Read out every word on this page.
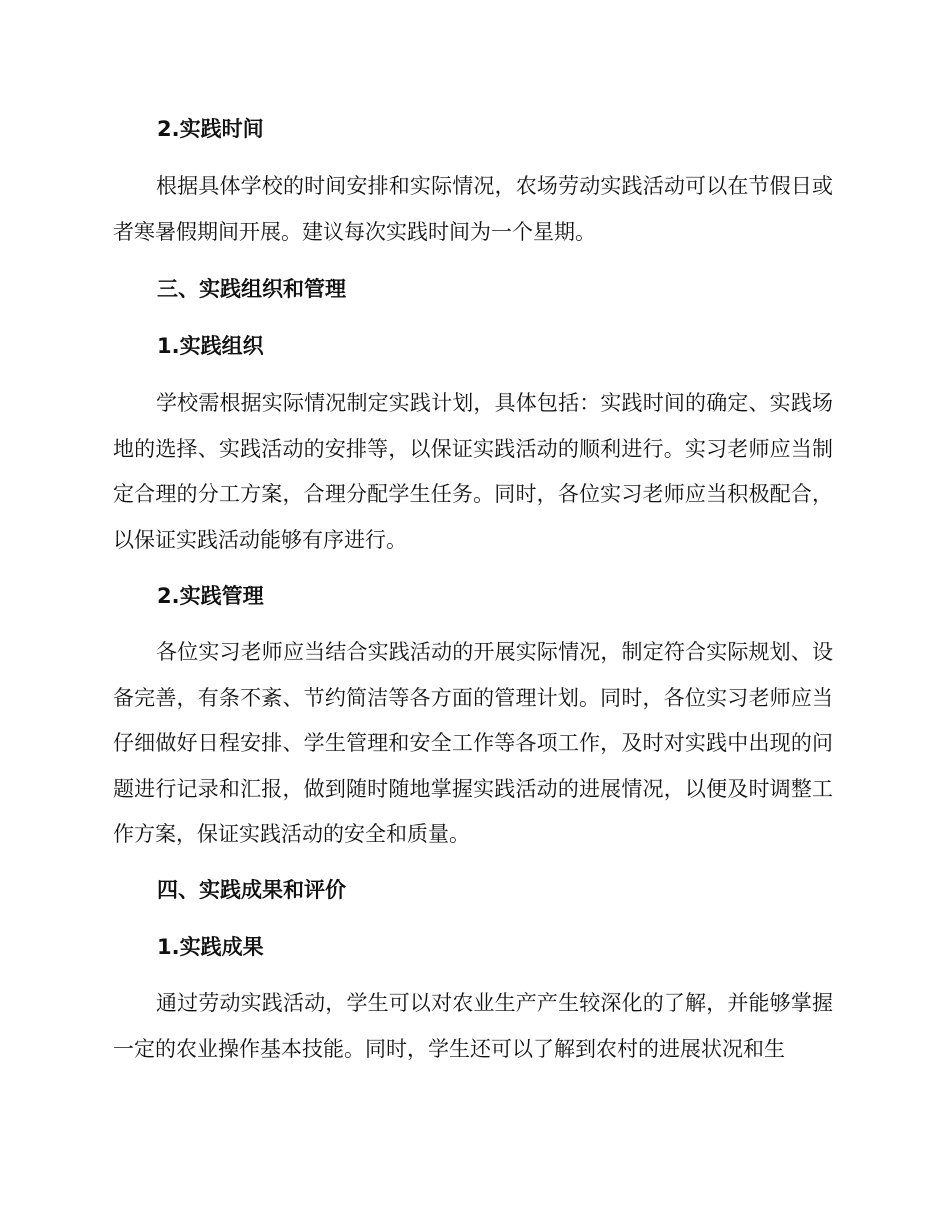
2.实践时间

根据具体学校的时间安排和实际情况，农场劳动实践活动可以在节假日或者寒暑假期间开展。建议每次实践时间为一个星期。

三、实践组织和管理
1.实践组织

学校需根据实际情况制定实践计划，具体包括：实践时间的确定、实践场地的选择、实践活动的安排等，以保证实践活动的顺利进行。实习老师应当制定合理的分工方案，合理分配学生任务。同时，各位实习老师应当积极配合，以保证实践活动能够有序进行。

2.实践管理

各位实习老师应当结合实践活动的开展实际情况，制定符合实际规划、设备完善，有条不紊、节约简洁等各方面的管理计划。同时，各位实习老师应当仔细做好日程安排、学生管理和安全工作等各项工作，及时对实践中出现的问题进行记录和汇报，做到随时随地掌握实践活动的进展情况，以便及时调整工作方案，保证实践活动的安全和质量。

四、实践成果和评价
1.实践成果

通过劳动实践活动，学生可以对农业生产产生较深化的了解，并能够掌握一定的农业操作基本技能。同时，学生还可以了解到农村的进展状况和生
